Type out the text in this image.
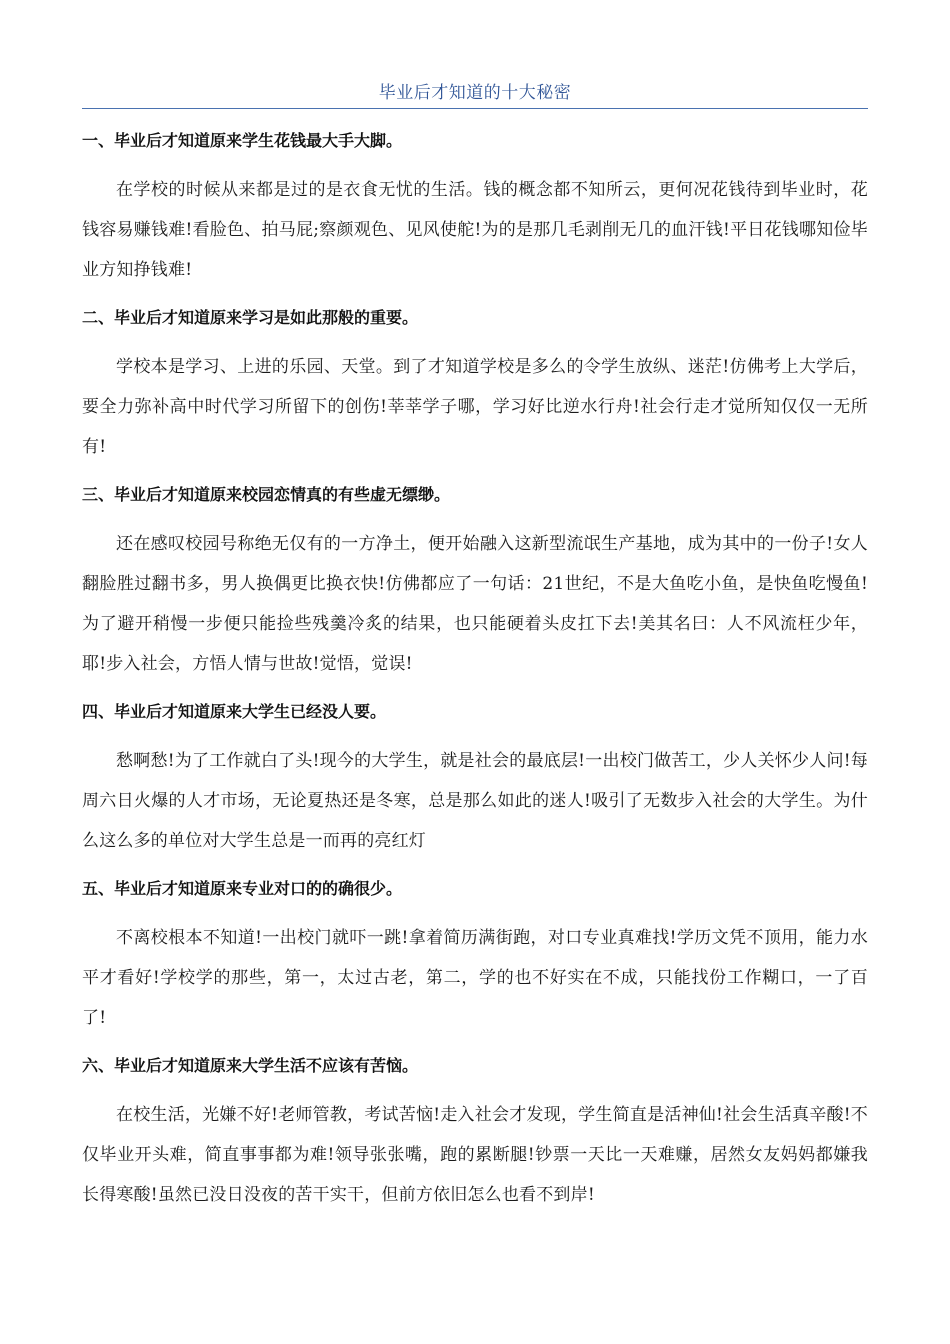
毕业后才知道的十大秘密
一、毕业后才知道原来学生花钱最大手大脚。

在学校的时候从来都是过的是衣食无忧的生活。钱的概念都不知所云，更何况花钱待到毕业时，花钱容易赚钱难!看脸色、拍马屁;察颜观色、见风使舵!为的是那几毛剥削无几的血汗钱!平日花钱哪知俭毕业方知挣钱难!

二、毕业后才知道原来学习是如此那般的重要。

学校本是学习、上进的乐园、天堂。到了才知道学校是多么的令学生放纵、迷茫!仿佛考上大学后，要全力弥补高中时代学习所留下的创伤!莘莘学子哪，学习好比逆水行舟!社会行走才觉所知仅仅一无所有!

三、毕业后才知道原来校园恋情真的有些虚无缥缈。

还在感叹校园号称绝无仅有的一方净土，便开始融入这新型流氓生产基地，成为其中的一份子!女人翻脸胜过翻书多，男人换偶更比换衣快!仿佛都应了一句话：21世纪，不是大鱼吃小鱼，是快鱼吃慢鱼!为了避开稍慢一步便只能捡些残羹冷炙的结果，也只能硬着头皮扛下去!美其名曰：人不风流枉少年，耶!步入社会，方悟人情与世故!觉悟，觉误!

四、毕业后才知道原来大学生已经没人要。

愁啊愁!为了工作就白了头!现今的大学生，就是社会的最底层!一出校门做苦工，少人关怀少人问!每周六日火爆的人才市场，无论夏热还是冬寒，总是那么如此的迷人!吸引了无数步入社会的大学生。为什么这么多的单位对大学生总是一而再的亮红灯

五、毕业后才知道原来专业对口的的确很少。

不离校根本不知道!一出校门就吓一跳!拿着简历满街跑，对口专业真难找!学历文凭不顶用，能力水平才看好!学校学的那些，第一，太过古老，第二，学的也不好实在不成，只能找份工作糊口，一了百了!

六、毕业后才知道原来大学生活不应该有苦恼。

在校生活，光嫌不好!老师管教，考试苦恼!走入社会才发现，学生简直是活神仙!社会生活真辛酸!不仅毕业开头难，简直事事都为难!领导张张嘴，跑的累断腿!钞票一天比一天难赚，居然女友妈妈都嫌我长得寒酸!虽然已没日没夜的苦干实干，但前方依旧怎么也看不到岸!
